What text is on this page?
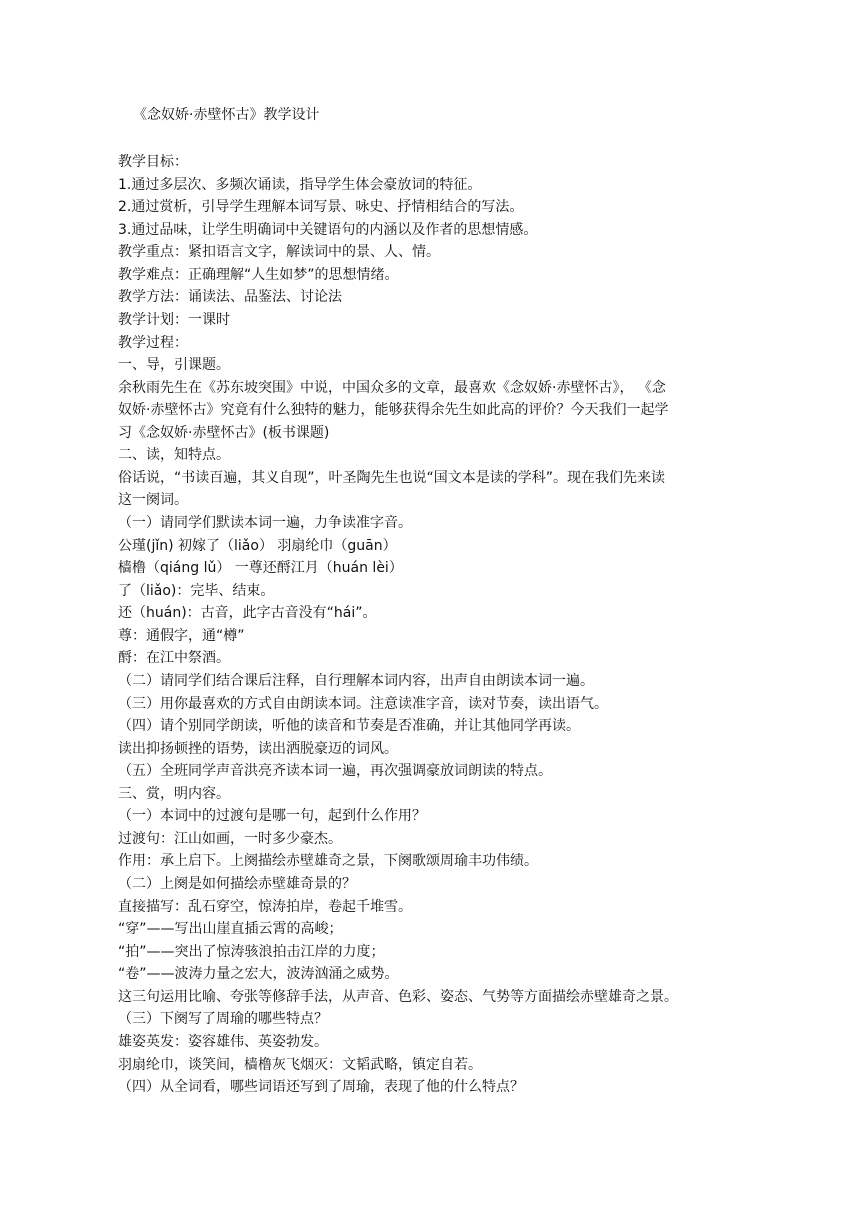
《念奴娇·赤壁怀古》教学设计
教学目标：
1.通过多层次、多频次诵读，指导学生体会豪放词的特征。
2.通过赏析，引导学生理解本词写景、咏史、抒情相结合的写法。
3.通过品味，让学生明确词中关键语句的内涵以及作者的思想情感。
教学重点：紧扣语言文字，解读词中的景、人、情。
教学难点：正确理解“人生如梦”的思想情绪。
教学方法：诵读法、品鉴法、讨论法
教学计划：一课时
教学过程：
一、导，引课题。
余秋雨先生在《苏东坡突围》中说，中国众多的文章，最喜欢《念奴娇·赤壁怀古》， 《念
奴娇·赤壁怀古》究竟有什么独特的魅力，能够获得余先生如此高的评价？今天我们一起学
习《念奴娇·赤壁怀古》(板书课题)
二、读，知特点。
俗话说，“书读百遍，其义自现”，叶圣陶先生也说“国文本是读的学科”。现在我们先来读
这一阕词。
（一）请同学们默读本词一遍，力争读准字音。
公瑾(jǐn) 初嫁了（liǎo） 羽扇纶巾（guān）
樯橹（qiáng lǔ） 一尊还酹江月（huán lèi）
了（liǎo)：完毕、结束。
还（huán)：古音，此字古音没有“hái”。
尊：通假字，通“樽”
酹：在江中祭酒。
（二）请同学们结合课后注释，自行理解本词内容，出声自由朗读本词一遍。
（三）用你最喜欢的方式自由朗读本词。注意读准字音，读对节奏，读出语气。
（四）请个别同学朗读，听他的读音和节奏是否准确，并让其他同学再读。
读出抑扬顿挫的语势，读出洒脱豪迈的词风。
（五）全班同学声音洪亮齐读本词一遍，再次强调豪放词朗读的特点。
三、赏，明内容。
（一）本词中的过渡句是哪一句，起到什么作用？
过渡句：江山如画，一时多少豪杰。
作用：承上启下。上阕描绘赤壁雄奇之景，下阕歌颂周瑜丰功伟绩。
（二）上阕是如何描绘赤壁雄奇景的？
直接描写：乱石穿空，惊涛拍岸，卷起千堆雪。
“穿”——写出山崖直插云霄的高峻；
“拍”——突出了惊涛骇浪拍击江岸的力度；
“卷”——波涛力量之宏大，波涛汹涌之威势。
这三句运用比喻、夸张等修辞手法，从声音、色彩、姿态、气势等方面描绘赤壁雄奇之景。
（三）下阕写了周瑜的哪些特点？
雄姿英发：姿容雄伟、英姿勃发。
羽扇纶巾，谈笑间，樯橹灰飞烟灭：文韬武略，镇定自若。
（四）从全词看，哪些词语还写到了周瑜，表现了他的什么特点？
